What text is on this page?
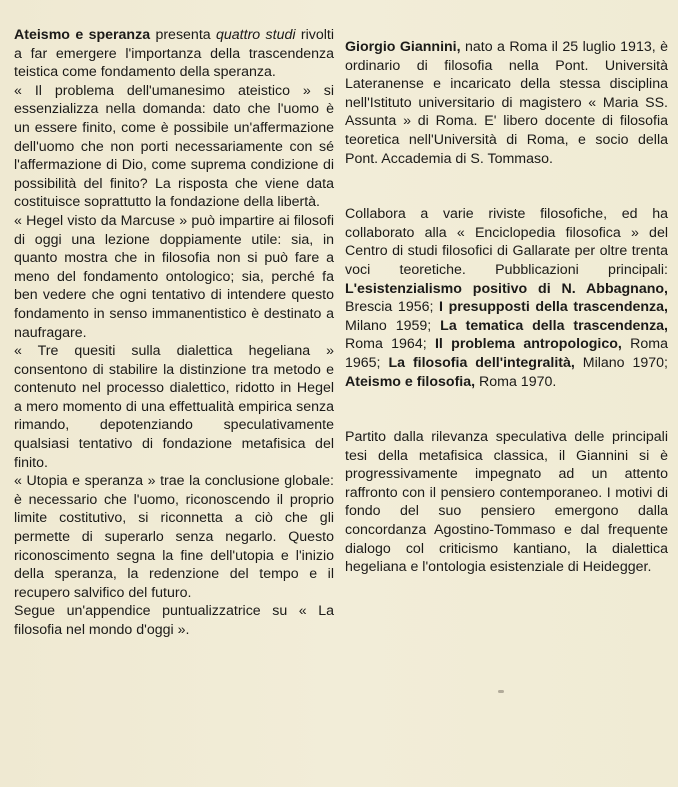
Ateismo e speranza presenta quattro studi rivolti a far emergere l'importanza della trascendenza teistica come fondamento della speranza.

« Il problema dell'umanesimo ateistico » si essenzializza nella domanda: dato che l'uomo è un essere finito, come è possibile un'affermazione dell'uomo che non porti necessariamente con sé l'affermazione di Dio, come suprema condizione di possibilità del finito? La risposta che viene data costituisce soprattutto la fondazione della libertà.

« Hegel visto da Marcuse » può impartire ai filosofi di oggi una lezione doppiamente utile: sia, in quanto mostra che in filosofia non si può fare a meno del fondamento ontologico; sia, perché fa ben vedere che ogni tentativo di intendere questo fondamento in senso immanentistico è destinato a naufragare.

« Tre quesiti sulla dialettica hegeliana » consentono di stabilire la distinzione tra metodo e contenuto nel processo dialettico, ridotto in Hegel a mero momento di una effettualità empirica senza rimando, depotenziando speculativamente qualsiasi tentativo di fondazione metafisica del finito.

« Utopia e speranza » trae la conclusione globale: è necessario che l'uomo, riconoscendo il proprio limite costitutivo, si riconnetta a ciò che gli permette di superarlo senza negarlo. Questo riconoscimento segna la fine dell'utopia e l'inizio della speranza, la redenzione del tempo e il recupero salvifico del futuro.

Segue un'appendice puntualizzatrice su « La filosofia nel mondo d'oggi ».

Giorgio Giannini, nato a Roma il 25 luglio 1913, è ordinario di filosofia nella Pont. Università Lateranense e incaricato della stessa disciplina nell'Istituto universitario di magistero « Maria SS. Assunta » di Roma. E' libero docente di filosofia teoretica nell'Università di Roma, e socio della Pont. Accademia di S. Tommaso.

Collabora a varie riviste filosofiche, ed ha collaborato alla « Enciclopedia filosofica » del Centro di studi filosofici di Gallarate per oltre trenta voci teoretiche. Pubblicazioni principali: L'esistenzialismo positivo di N. Abbagnano, Brescia 1956; I presupposti della trascendenza, Milano 1959; La tematica della trascendenza, Roma 1964; Il problema antropologico, Roma 1965; La filosofia dell'integralità, Milano 1970; Ateismo e filosofia, Roma 1970.

Partito dalla rilevanza speculativa delle principali tesi della metafisica classica, il Giannini si è progressivamente impegnato ad un attento raffronto con il pensiero contemporaneo. I motivi di fondo del suo pensiero emergono dalla concordanza Agostino-Tommaso e dal frequente dialogo col criticismo kantiano, la dialettica hegeliana e l'ontologia esistenziale di Heidegger.
